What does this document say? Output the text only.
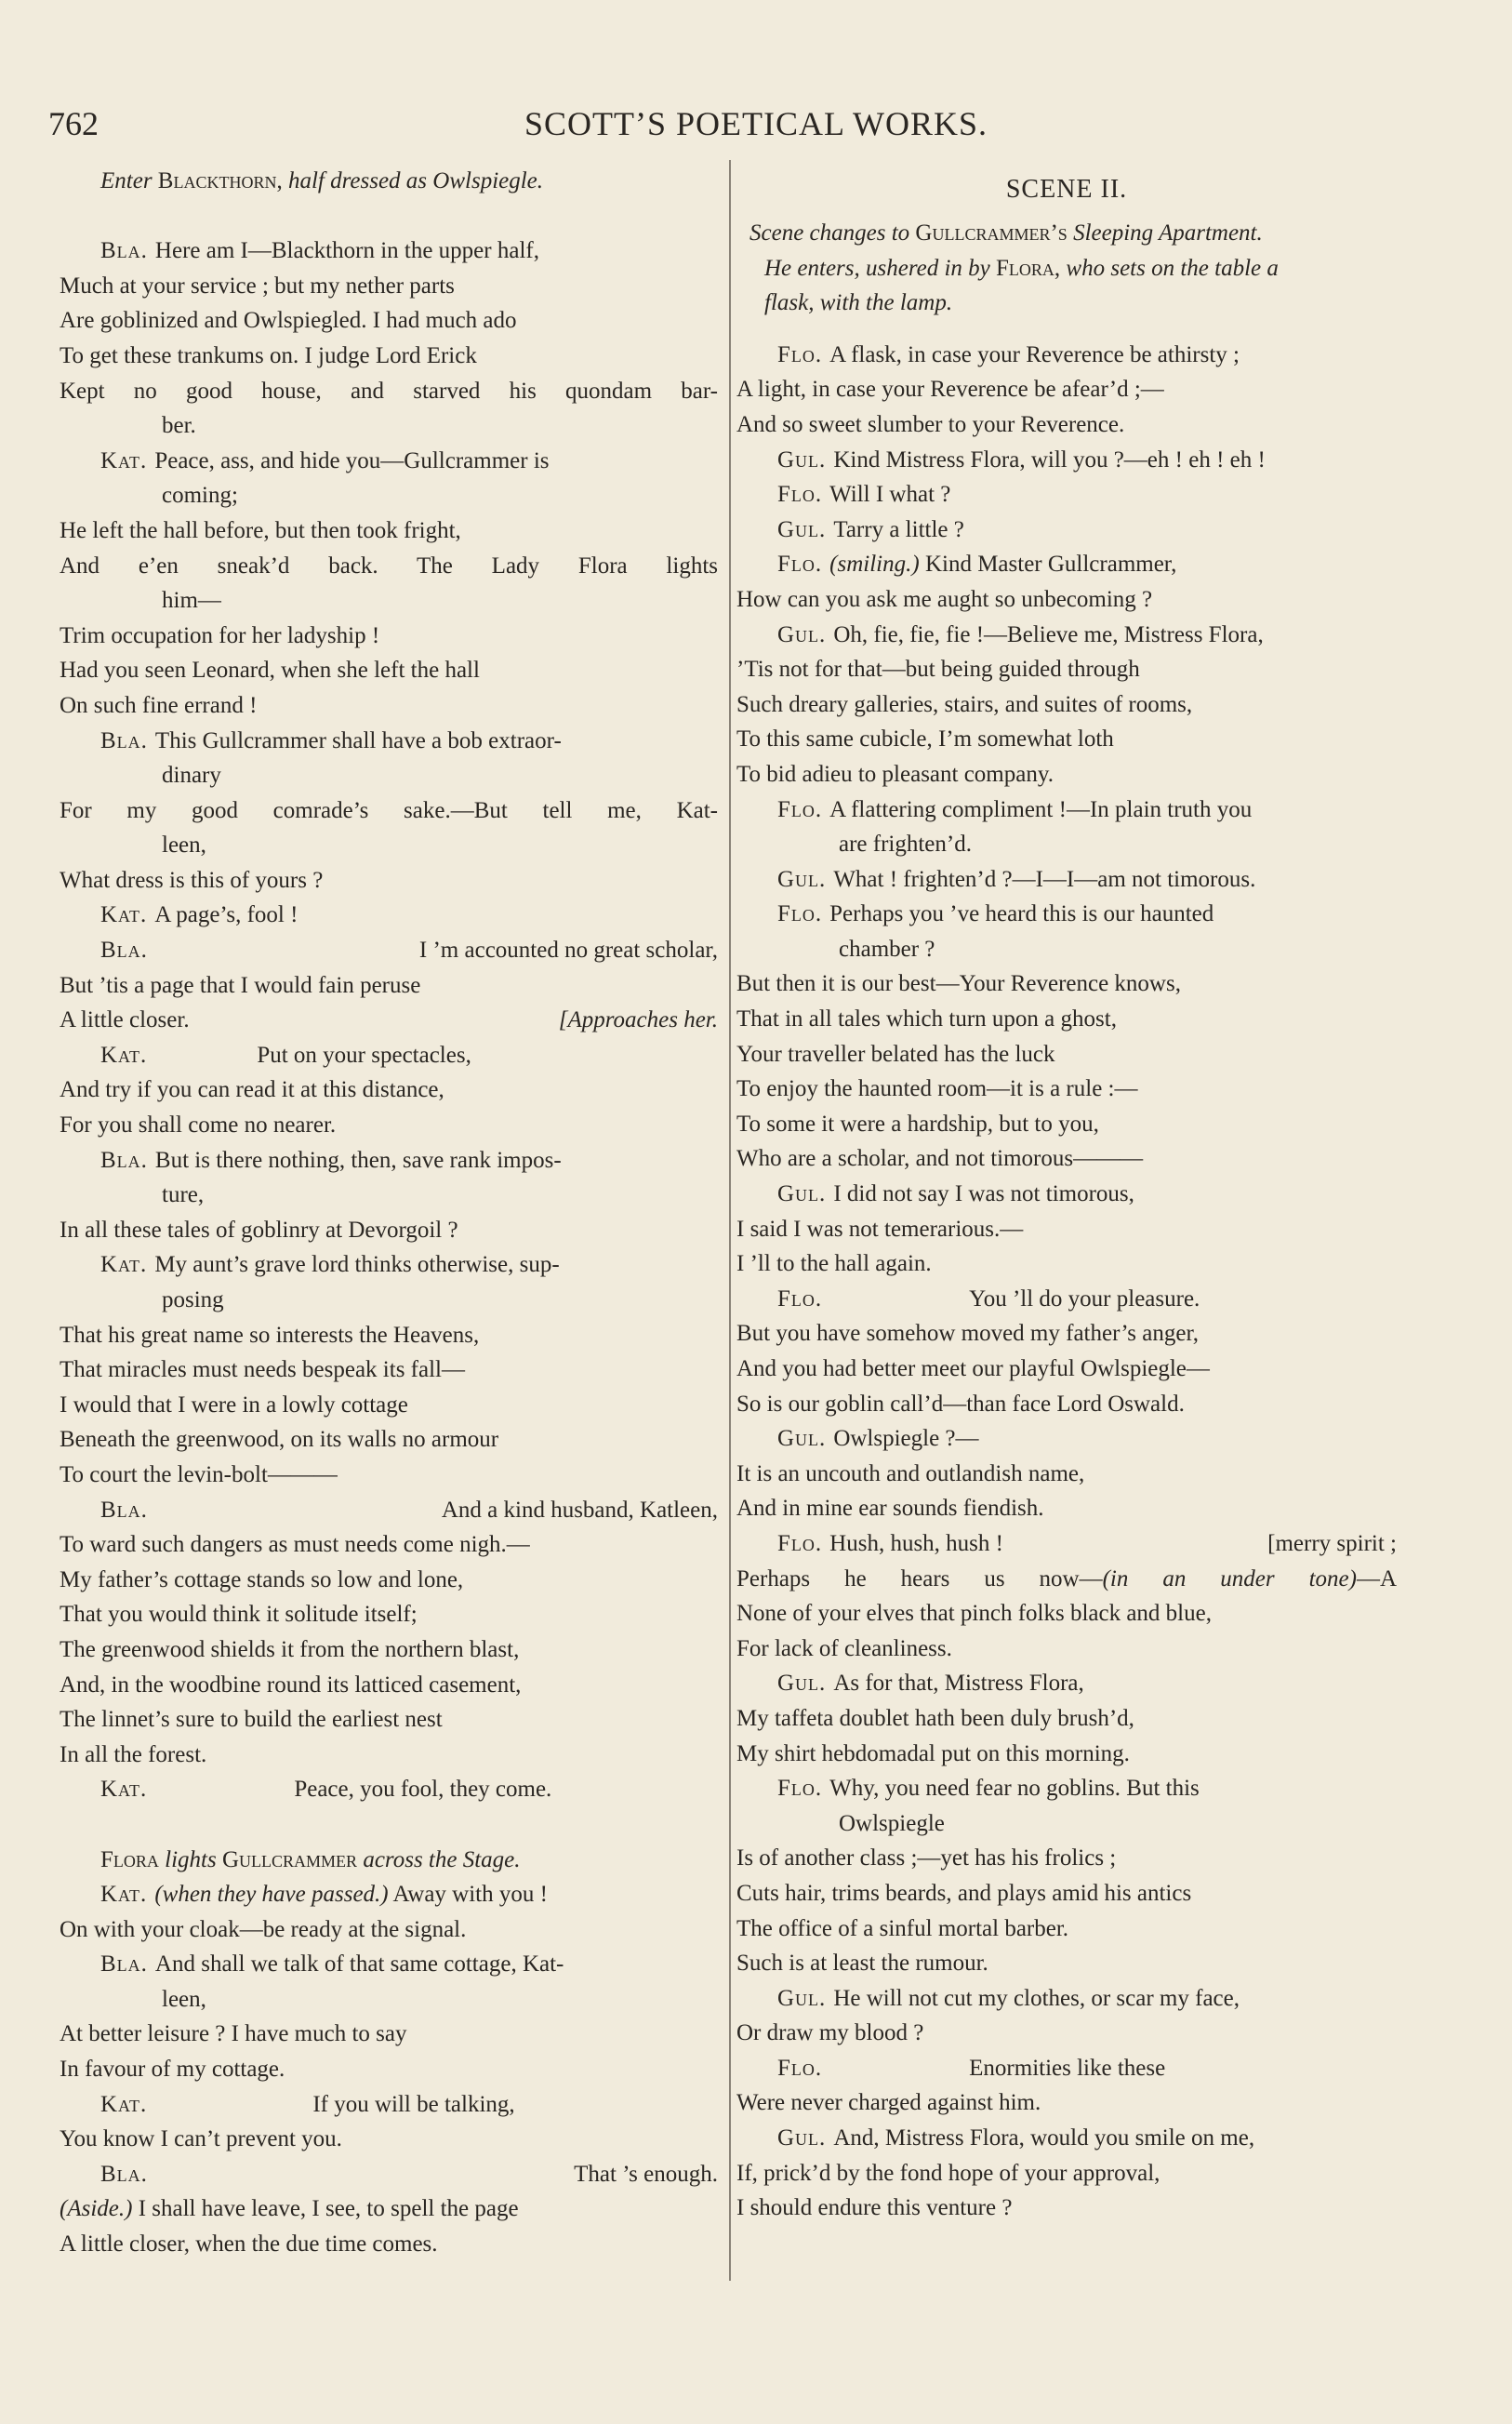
SCOTT’S POETICAL WORKS.
762
Enter Blackthorn, half dressed as Owlspiegle.
Bla. Here am I—Blackthorn in the upper half,
Much at your service ; but my nether parts
Are goblinized and Owlspiegled. I had much ado
To get these trankums on. I judge Lord Erick
Kept no good house, and starved his quondam bar-
ber.
Kat. Peace, ass, and hide you—Gullcrammer is
coming;
He left the hall before, but then took fright,
And e’en sneak’d back. The Lady Flora lights
him—
Trim occupation for her ladyship !
Had you seen Leonard, when she left the hall
On such fine errand !
Bla. This Gullcrammer shall have a bob extraor-
dinary
For my good comrade’s sake.—But tell me, Kat-
leen,
What dress is this of yours ?
Kat. A page’s, fool !
Bla.	I ’m accounted no great scholar,
But ’tis a page that I would fain peruse
A little closer.	[Approaches her.
Kat.	Put on your spectacles,
And try if you can read it at this distance,
For you shall come no nearer.
Bla. But is there nothing, then, save rank impos-
ture,
In all these tales of goblinry at Devorgoil ?
Kat. My aunt’s grave lord thinks otherwise, sup-
posing
That his great name so interests the Heavens,
That miracles must needs bespeak its fall—
I would that I were in a lowly cottage
Beneath the greenwood, on its walls no armour
To court the levin-bolt———
Bla.	And a kind husband, Katleen,
To ward such dangers as must needs come nigh.—
My father’s cottage stands so low and lone,
That you would think it solitude itself;
The greenwood shields it from the northern blast,
And, in the woodbine round its latticed casement,
The linnet’s sure to build the earliest nest
In all the forest.
Kat.	Peace, you fool, they come.
Flora lights Gullcrammer across the Stage.
Kat. (when they have passed.) Away with you !
On with your cloak—be ready at the signal.
Bla. And shall we talk of that same cottage, Kat-
leen,
At better leisure ? I have much to say
In favour of my cottage.
Kat.	If you will be talking,
You know I can’t prevent you.
Bla.	That ’s enough.
(Aside.) I shall have leave, I see, to spell the page
A little closer, when the due time comes.
SCENE II.
Scene changes to Gullcrammer’s Sleeping Apartment.
He enters, ushered in by Flora, who sets on the table a
flask, with the lamp.
Flo. A flask, in case your Reverence be athirsty ;
A light, in case your Reverence be afear’d ;—
And so sweet slumber to your Reverence.
Gul. Kind Mistress Flora, will you ?—eh ! eh ! eh !
Flo. Will I what ?
Gul. Tarry a little ?
Flo. (smiling.) Kind Master Gullcrammer,
How can you ask me aught so unbecoming ?
Gul. Oh, fie, fie, fie !—Believe me, Mistress Flora,
’Tis not for that—but being guided through
Such dreary galleries, stairs, and suites of rooms,
To this same cubicle, I’m somewhat loth
To bid adieu to pleasant company.
Flo. A flattering compliment !—In plain truth you
are frighten’d.
Gul. What ! frighten’d ?—I—I—am not timorous.
Flo. Perhaps you ’ve heard this is our haunted
chamber ?
But then it is our best—Your Reverence knows,
That in all tales which turn upon a ghost,
Your traveller belated has the luck
To enjoy the haunted room—it is a rule :—
To some it were a hardship, but to you,
Who are a scholar, and not timorous———
Gul. I did not say I was not timorous,
I said I was not temerarious.—
I ’ll to the hall again.
Flo.	You ’ll do your pleasure.
But you have somehow moved my father’s anger,
And you had better meet our playful Owlspiegle—
So is our goblin call’d—than face Lord Oswald.
Gul. Owlspiegle ?—
It is an uncouth and outlandish name,
And in mine ear sounds fiendish.
Flo. Hush, hush, hush !	[merry spirit ;
Perhaps he hears us now—(in an under tone)—A
None of your elves that pinch folks black and blue,
For lack of cleanliness.
Gul. As for that, Mistress Flora,
My taffeta doublet hath been duly brush’d,
My shirt hebdomadal put on this morning.
Flo. Why, you need fear no goblins. But this
Owlspiegle
Is of another class ;—yet has his frolics ;
Cuts hair, trims beards, and plays amid his antics
The office of a sinful mortal barber.
Such is at least the rumour.
Gul. He will not cut my clothes, or scar my face,
Or draw my blood ?
Flo.	Enormities like these
Were never charged against him.
Gul. And, Mistress Flora, would you smile on me,
If, prick’d by the fond hope of your approval,
I should endure this venture ?
